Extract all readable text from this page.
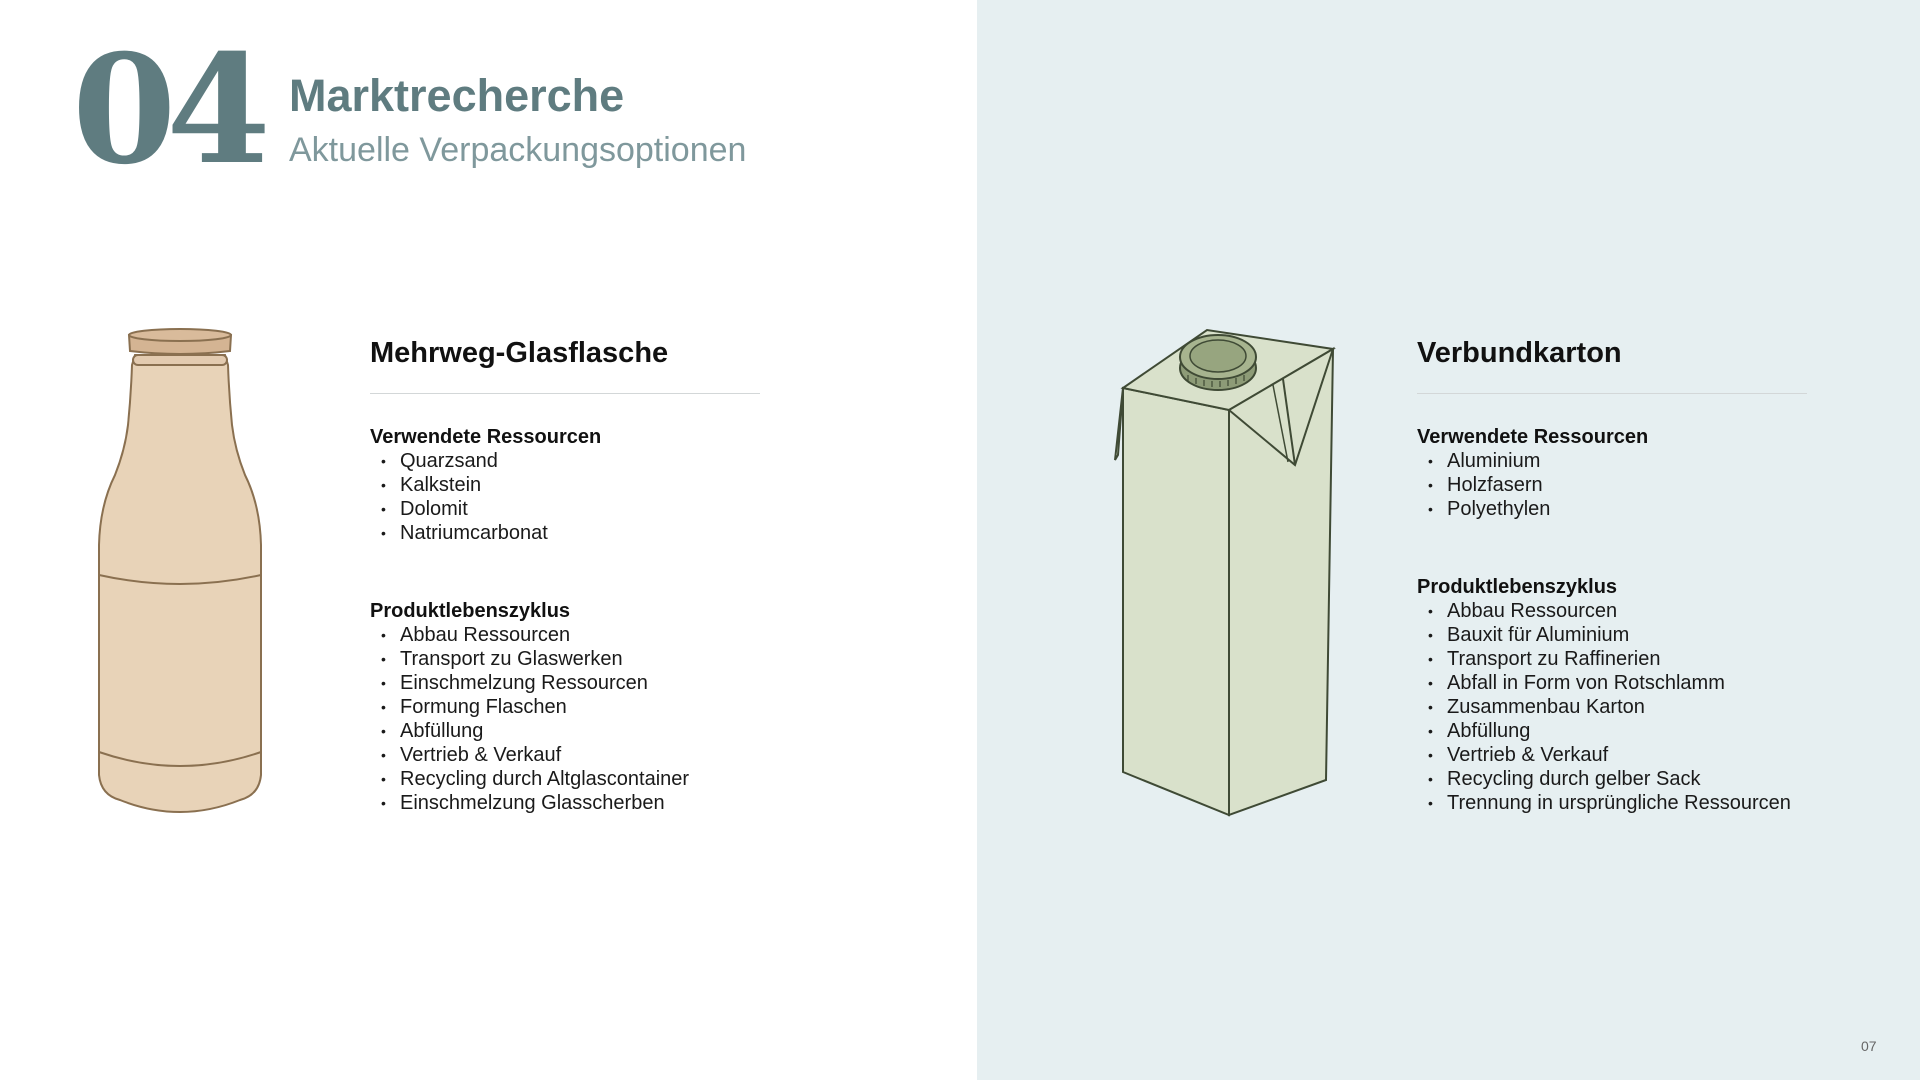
04 Marktrecherche
Aktuelle Verpackungsoptionen
Mehrweg-Glasflasche

Verwendete Ressourcen

• Quarzsand
• Kalkstein
• Dolomit
• Natriumcarbonat

Produktlebenszyklus

• Abbau Ressourcen
• Transport zu Glaswerken
• Einschmelzung Ressourcen
• Formung Flaschen
• Abfüllung
• Vertrieb & Verkauf
• Recycling durch Altglascontainer
• Einschmelzung Glasscherben
Verbundkarton

Verwendete Ressourcen

• Aluminium
• Holzfasern
• Polyethylen

Produktlebenszyklus

• Abbau Ressourcen
• Bauxit für Aluminium
• Transport zu Raffinerien
• Abfall in Form von Rotschlamm
• Zusammenbau Karton
• Abfüllung
• Vertrieb & Verkauf
• Recycling durch gelber Sack
• Trennung in ursprüngliche Ressourcen
07
